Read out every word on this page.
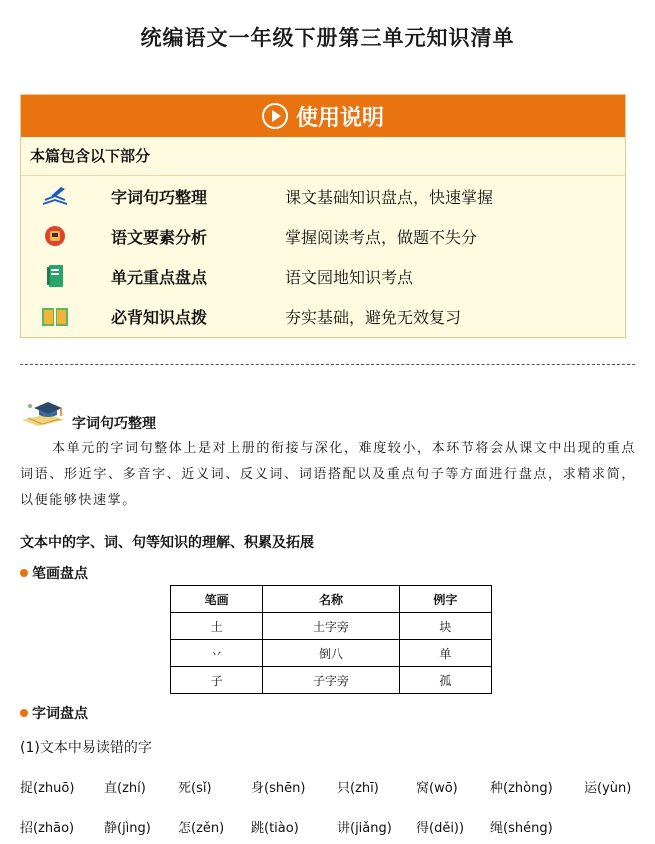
统编语文一年级下册第三单元知识清单
使用说明
本篇包含以下部分
字词句巧整理	课文基础知识盘点，快速掌握
语文要素分析	掌握阅读考点，做题不失分
单元重点盘点	语文园地知识考点
必背知识点拨	夯实基础，避免无效复习
字词句巧整理
本单元的字词句整体上是对上册的衔接与深化，难度较小，本环节将会从课文中出现的重点词语、形近字、多音字、近义词、反义词、词语搭配以及重点句子等方面进行盘点，求精求简，以便能够快速掌。
文本中的字、词、句等知识的理解、积累及拓展
笔画盘点
笔画	名称	例字
土	土字旁	块
丷	倒八	单
子	子字旁	孤
字词盘点
(1)文本中易读错的字
捉(zhuō) 直(zhí) 死(sǐ)	身(shēn) 只(zhī)	窝(wō) 种(zhòng) 运(yùn)
招(zhāo) 静(jìng) 怎(zěn) 跳(tiào)	讲(jiǎng) 得(děi)) 绳(shéng)
